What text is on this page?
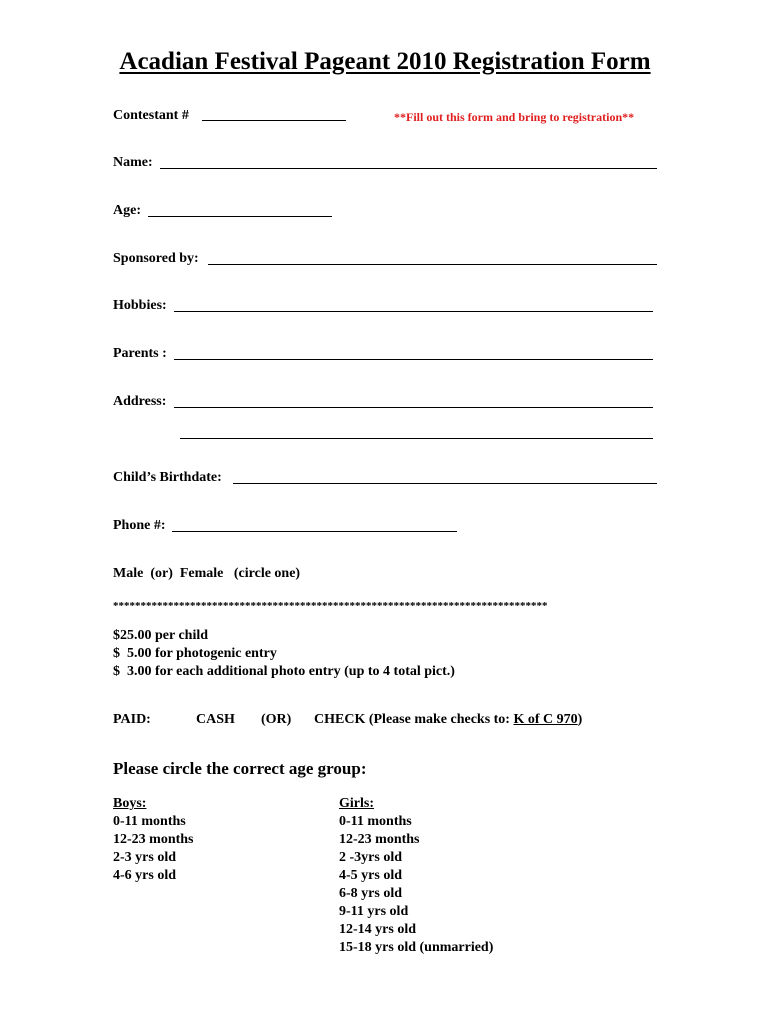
Acadian Festival Pageant 2010 Registration Form
Contestant #	**Fill out this form and bring to registration**
Name:
Age:
Sponsored by:
Hobbies:
Parents :
Address:
Child’s Birthdate:
Phone #:
Male  (or)  Female   (circle one)
*******************************************************************************
$25.00 per child
$  5.00 for photogenic entry
$  3.00 for each additional photo entry (up to 4 total pict.)
PAID:	CASH (OR) CHECK (Please make checks to: K of C 970)
Please circle the correct age group:
Boys:
0-11 months
12-23 months
2-3 yrs old
4-6 yrs old
Girls:
0-11 months
12-23 months
2 -3yrs old
4-5 yrs old
6-8 yrs old
9-11 yrs old
12-14 yrs old
15-18 yrs old (unmarried)
